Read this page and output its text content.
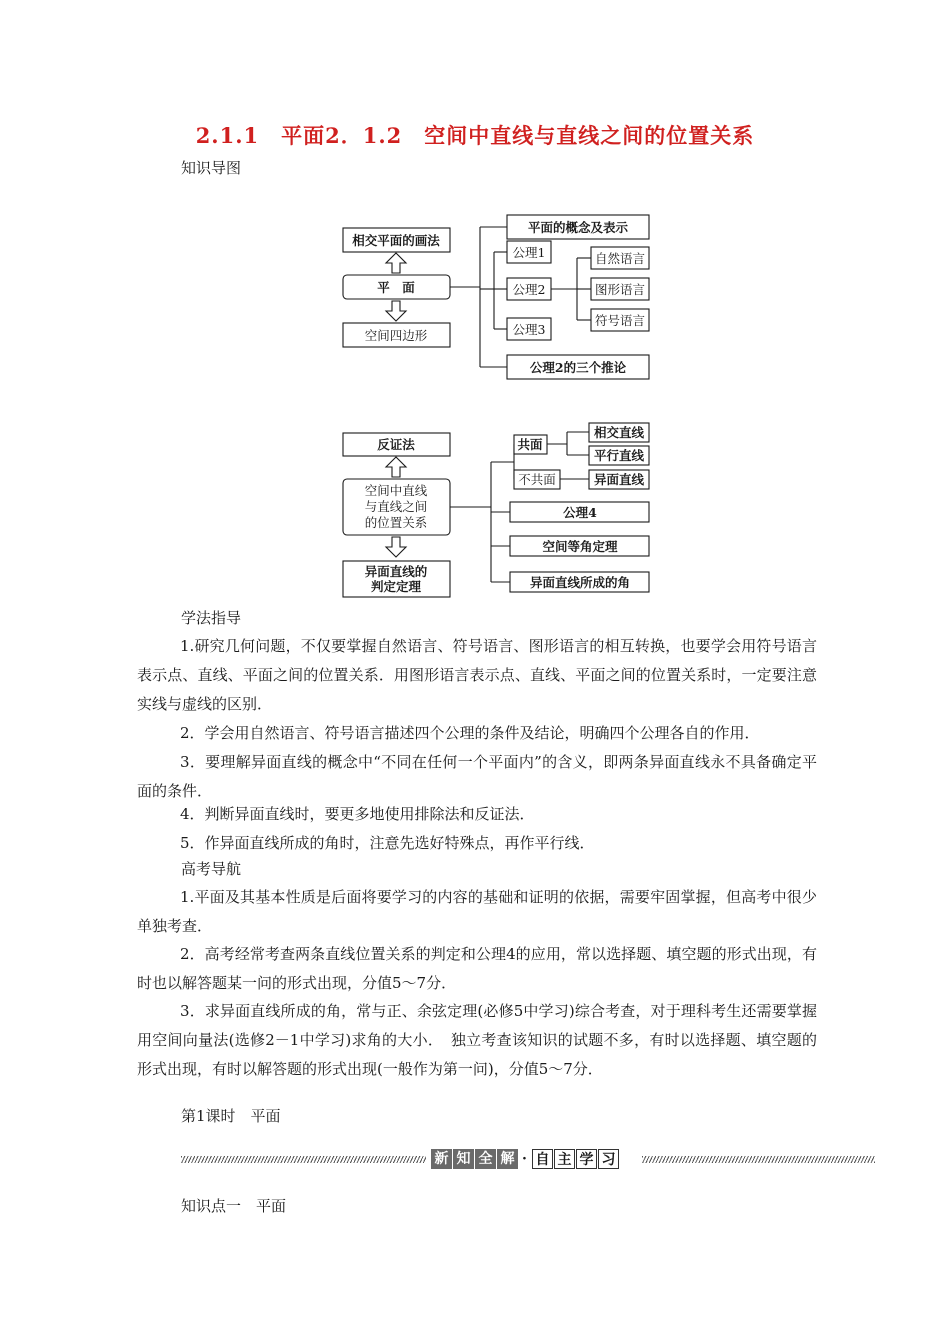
2.1.1　平面2．1.2　空间中直线与直线之间的位置关系
知识导图
相交平面的画法
平　面
空间四边形
平面的概念及表示
公理1
公理2
公理3
自然语言
图形语言
符号语言
公理2的三个推论
反证法
空间中直线
与直线之间
的位置关系
异面直线的
判定定理
共面
不共面
相交直线
平行直线
异面直线
公理4
空间等角定理
异面直线所成的角
学法指导
1.研究几何问题，不仅要掌握自然语言、符号语言、图形语言的相互转换，也要学会用符号语言表示点、直线、平面之间的位置关系．用图形语言表示点、直线、平面之间的位置关系时，一定要注意实线与虚线的区别．
2．学会用自然语言、符号语言描述四个公理的条件及结论，明确四个公理各自的作用．
3．要理解异面直线的概念中“不同在任何一个平面内”的含义，即两条异面直线永不具备确定平面的条件．
4．判断异面直线时，要更多地使用排除法和反证法．
5．作异面直线所成的角时，注意先选好特殊点，再作平行线．
高考导航
1.平面及其基本性质是后面将要学习的内容的基础和证明的依据，需要牢固掌握，但高考中很少单独考查．
2．高考经常考查两条直线位置关系的判定和公理4的应用，常以选择题、填空题的形式出现，有时也以解答题某一问的形式出现，分值5～7分．
3．求异面直线所成的角，常与正、余弦定理(必修5中学习)综合考查，对于理科考生还需要掌握用空间向量法(选修2－1中学习)求角的大小．　独立考查该知识的试题不多，有时以选择题、填空题的形式出现，有时以解答题的形式出现(一般作为第一问)，分值5～7分．
第1课时　平面
新 知 全 解 · 自 主 学 习
知识点一　平面
